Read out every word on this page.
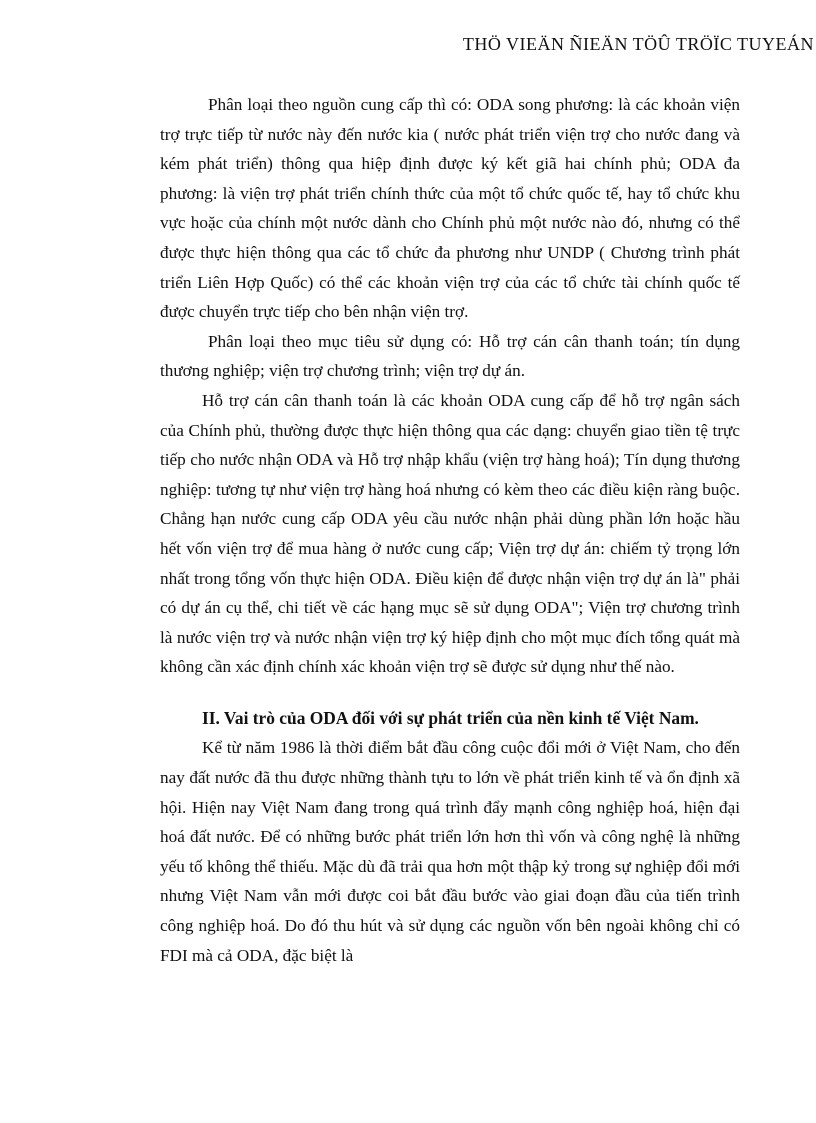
THÖ VIEÄN ÑIEÄN TÖÛ TRÖÏC TUYEÁN

Phân loại theo nguồn cung cấp thì có: ODA song phương: là các khoản viện trợ trực tiếp từ nước này đến nước kia ( nước phát triển viện trợ cho nước đang và kém phát triển) thông qua hiệp định được ký kết giã hai chính phủ; ODA đa phương: là viện trợ phát triển chính thức của một tổ chức quốc tế, hay tổ chức khu vực hoặc của chính một nước dành cho Chính phủ một nước nào đó, nhưng có thể được thực hiện thông qua các tổ chức đa phương như UNDP ( Chương trình phát triển Liên Hợp Quốc) có thể các khoản viện trợ của các tổ chức tài chính quốc tế được chuyển trực tiếp cho bên nhận viện trợ.

Phân loại theo mục tiêu sử dụng có: Hỗ trợ cán cân thanh toán; tín dụng thương nghiệp; viện trợ chương trình; viện trợ dự án.

Hỗ trợ cán cân thanh toán là các khoản ODA cung cấp để hỗ trợ ngân sách của Chính phủ, thường được thực hiện thông qua các dạng: chuyển giao tiền tệ trực tiếp cho nước nhận ODA và Hỗ trợ nhập khẩu (viện trợ hàng hoá); Tín dụng thương nghiệp: tương tự như viện trợ hàng hoá nhưng có kèm theo các điều kiện ràng buộc. Chẳng hạn nước cung cấp ODA yêu cầu nước nhận phải dùng phần lớn hoặc hầu hết vốn viện trợ để mua hàng ở nước cung cấp; Viện trợ dự án: chiếm tỷ trọng lớn nhất trong tổng vốn thực hiện ODA. Điều kiện để được nhận viện trợ dự án là" phải có dự án cụ thể, chi tiết về các hạng mục sẽ sử dụng ODA"; Viện trợ chương trình là nước viện trợ và nước nhận viện trợ ký hiệp định cho một mục đích tổng quát mà không cần xác định chính xác khoản viện trợ sẽ được sử dụng như thế nào.

II. Vai trò của ODA đối với sự phát triển của nền kinh tế Việt Nam.

Kể từ năm 1986 là thời điểm bắt đầu công cuộc đổi mới ở Việt Nam, cho đến nay đất nước đã thu được những thành tựu to lớn về phát triển kinh tế và ổn định xã hội. Hiện nay Việt Nam đang trong quá trình đẩy mạnh công nghiệp hoá, hiện đại hoá đất nước. Để có những bước phát triển lớn hơn thì vốn và công nghệ là những yếu tố không thể thiếu. Mặc dù đã trải qua hơn một thập kỷ trong sự nghiệp đổi mới nhưng Việt Nam vẫn mới được coi bắt đầu bước vào giai đoạn đầu của tiến trình công nghiệp hoá. Do đó thu hút và sử dụng các nguồn vốn bên ngoài không chỉ có FDI mà cả ODA, đặc biệt là
